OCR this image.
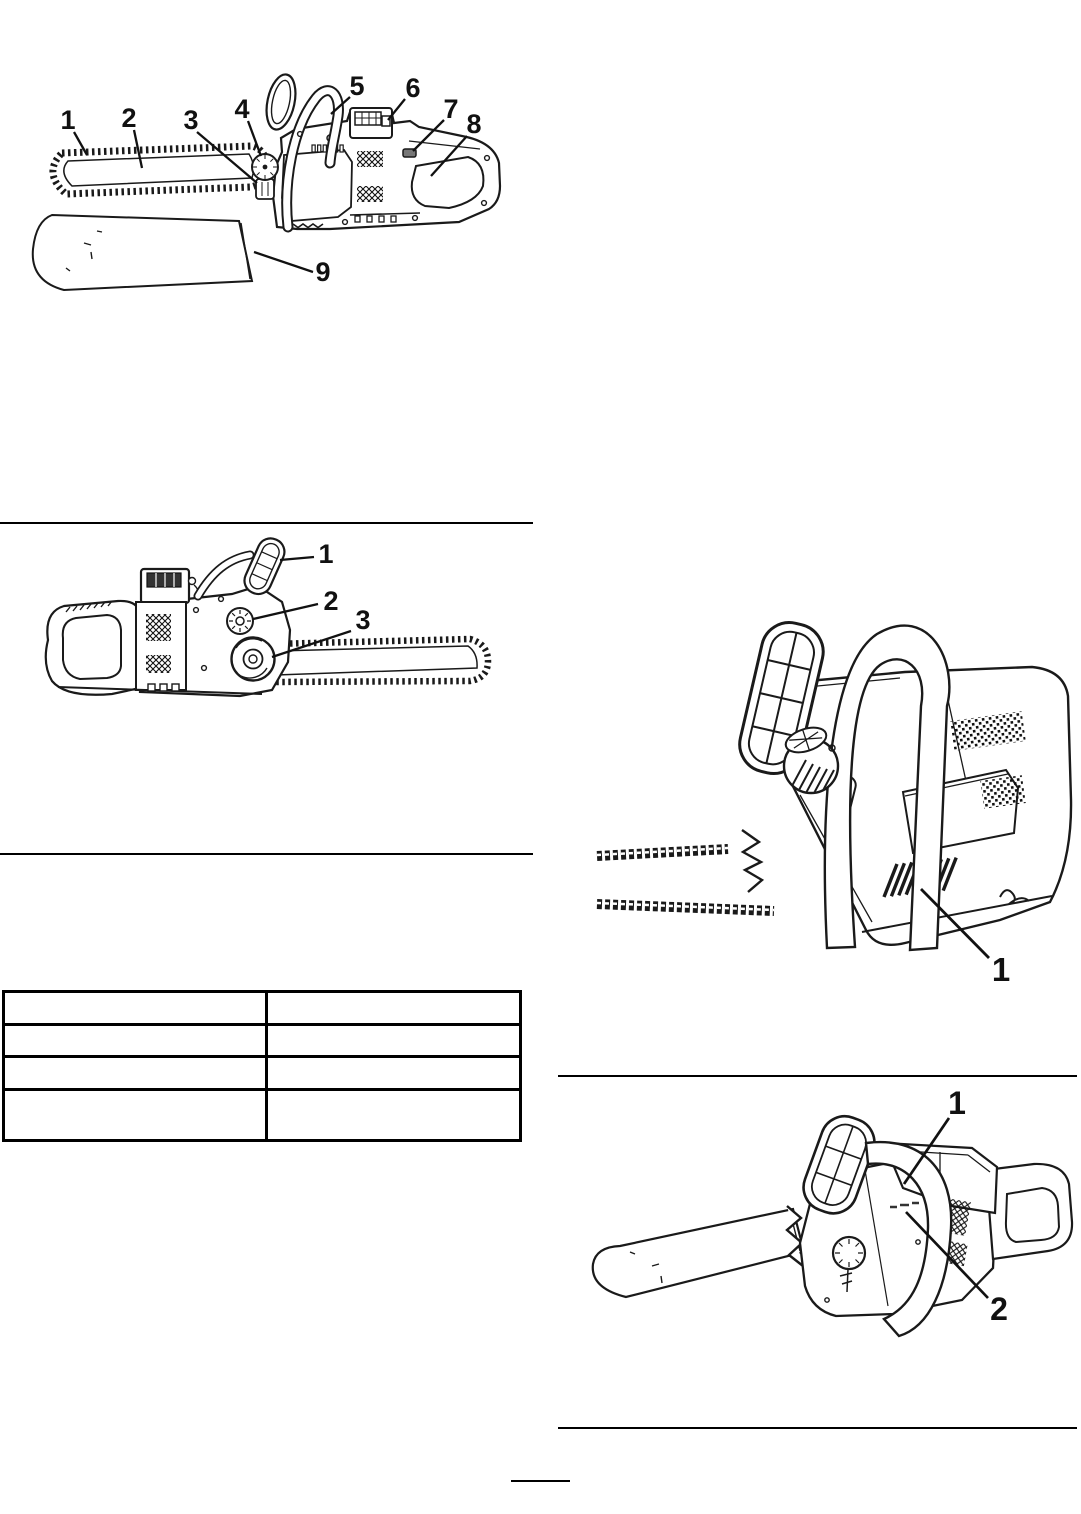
1 2 3 4
5 6
7 8
9
1
2
3

1
1
2
